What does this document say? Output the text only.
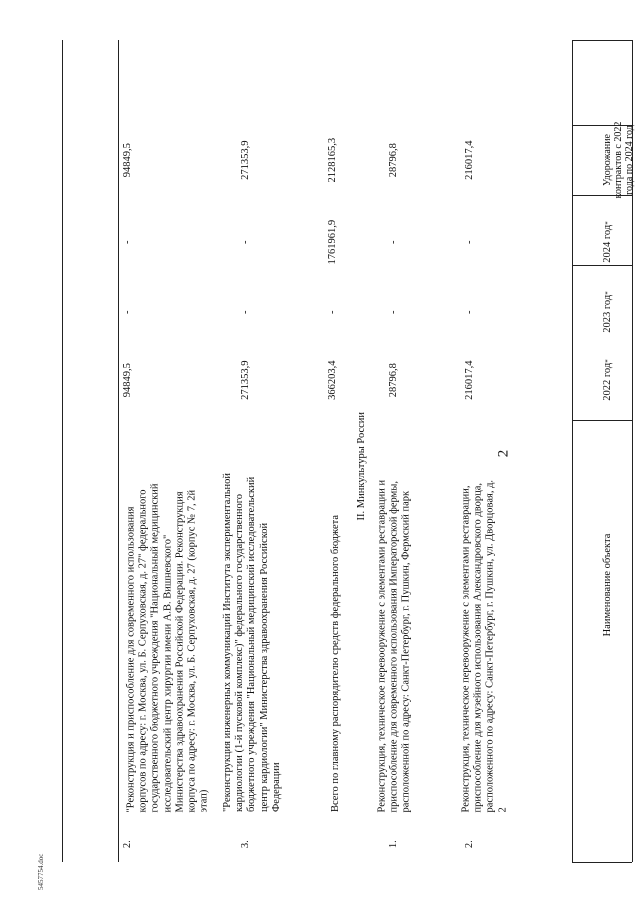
2
5457754.doc
Наименование объекта
2022 год*
2023 год*
2024 год*
Удорожание контрактов с 2022 года по 2024 год
"Реконструкция и приспособление для современного использования корпусов по адресу: г. Москва, ул. Б. Серпуховская, д. 27" федерального государственного бюджетного учреждения "Национальный медицинский исследовательский центр хирургии имени А.В. Вишневского" Министерства здравоохранения Российской Федерации. Реконструкция корпуса по адресу: г. Москва, ул. Б. Серпуховская, д. 27 (корпус № 7, 2й этап)
2.
94849,5
-
-
94849,5
"Реконструкция инженерных коммуникаций Института экспериментальной кардиологии (1-й пусковой комплекс)" федерального государственного бюджетного учреждения "Национальный медицинский исследовательский центр кардиологии" Министерства здравоохранения Российской Федерации
3.
271353,9
-
-
271353,9
Всего по главному распорядителю средств федерального бюджета
366203,4
-
1761961,9
2128165,3
Реконструкция, техническое перевооружение с элементами реставрации и приспособление для современного использования Императорской фермы, расположенной по адресу: Санкт-Петербург, г. Пушкин, Фермский парк
1.
28796,8
-
-
28796,8
Реконструкция, техническое перевооружение с элементами реставрации, приспособление для музейного использования Александровского дворца, расположенного по адресу: Санкт-Петербург, г. Пушкин, ул. Дворцовая, д. 2
2.
216017,4
-
-
216017,4
II. Минкультуры России
